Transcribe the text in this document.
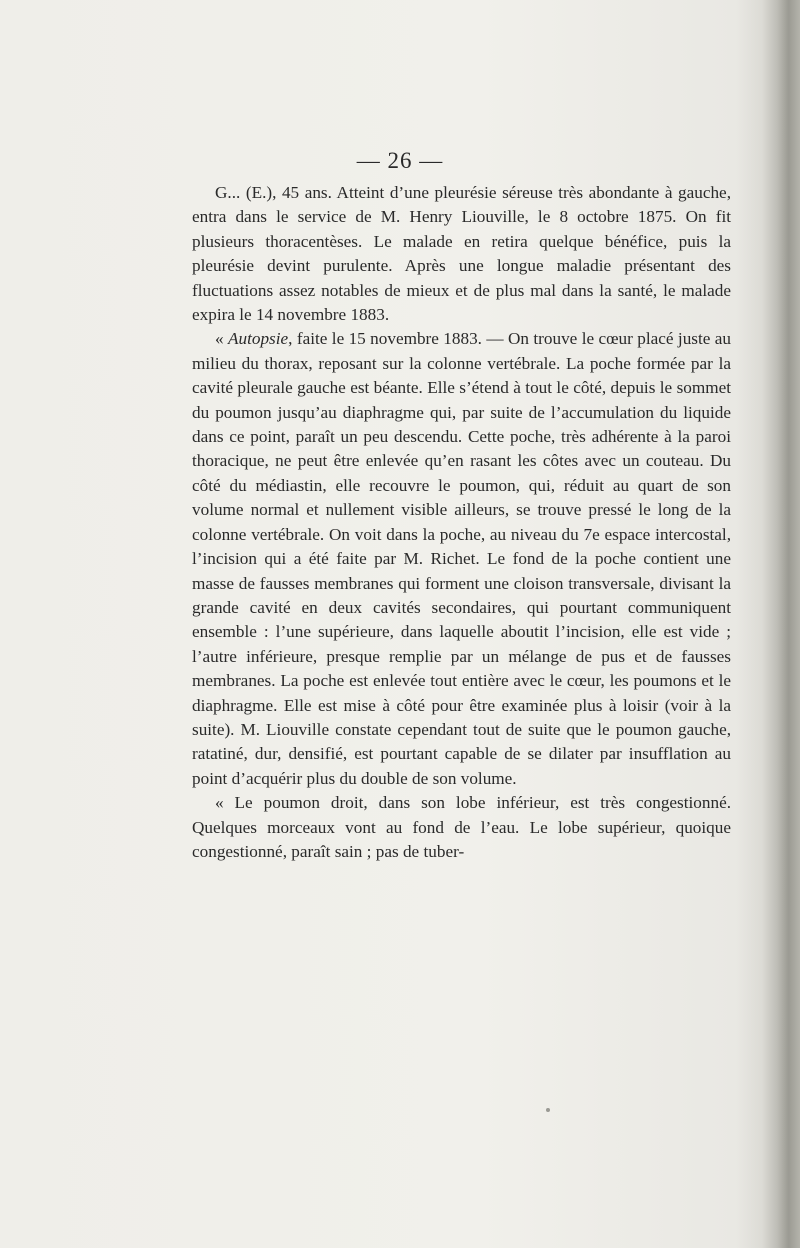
— 26 —

G... (E.), 45 ans. Atteint d’une pleurésie séreuse très abondante à gauche, entra dans le service de M. Henry Liouville, le 8 octobre 1875. On fit plusieurs thoracentèses. Le malade en retira quelque bénéfice, puis la pleurésie devint purulente. Après une longue maladie présentant des fluctuations assez notables de mieux et de plus mal dans la santé, le malade expira le 14 novembre 1883.

« Autopsie, faite le 15 novembre 1883. — On trouve le cœur placé juste au milieu du thorax, reposant sur la colonne vertébrale. La poche formée par la cavité pleurale gauche est béante. Elle s’étend à tout le côté, depuis le sommet du poumon jusqu’au diaphragme qui, par suite de l’accumulation du liquide dans ce point, paraît un peu descendu. Cette poche, très adhérente à la paroi thoracique, ne peut être enlevée qu’en rasant les côtes avec un couteau. Du côté du médiastin, elle recouvre le poumon, qui, réduit au quart de son volume normal et nullement visible ailleurs, se trouve pressé le long de la colonne vertébrale. On voit dans la poche, au niveau du 7e espace intercostal, l’incision qui a été faite par M. Richet. Le fond de la poche contient une masse de fausses membranes qui forment une cloison transversale, divisant la grande cavité en deux cavités secondaires, qui pourtant communiquent ensemble : l’une supérieure, dans laquelle aboutit l’incision, elle est vide ; l’autre inférieure, presque remplie par un mélange de pus et de fausses membranes. La poche est enlevée tout entière avec le cœur, les poumons et le diaphragme. Elle est mise à côté pour être examinée plus à loisir (voir à la suite). M. Liouville constate cependant tout de suite que le poumon gauche, ratatiné, dur, densifié, est pourtant capable de se dilater par insufflation au point d’acquérir plus du double de son volume.

« Le poumon droit, dans son lobe inférieur, est très congestionné. Quelques morceaux vont au fond de l’eau. Le lobe supérieur, quoique congestionné, paraît sain ; pas de tuber-
